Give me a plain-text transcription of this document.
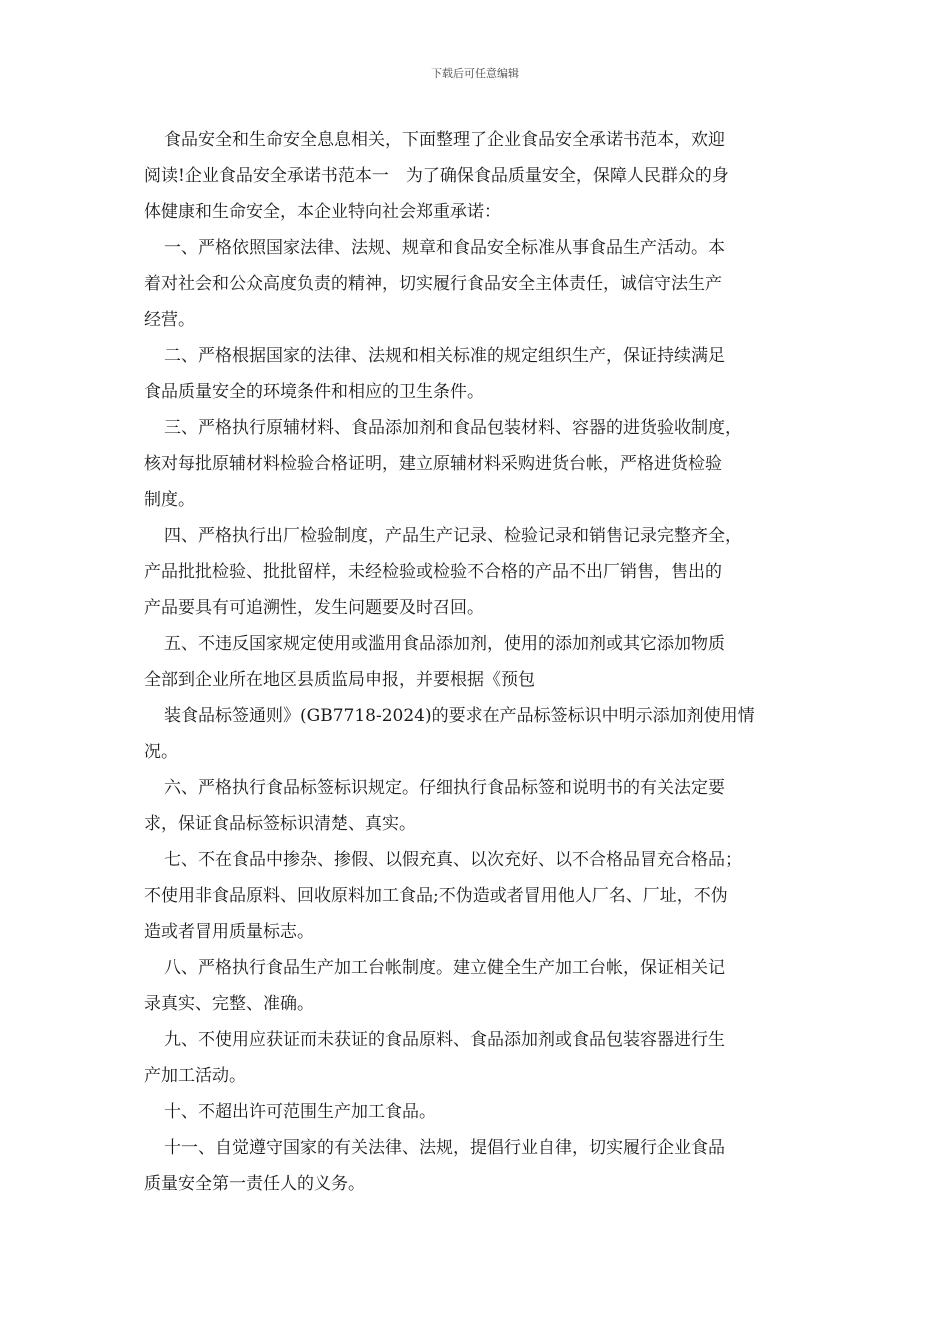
下载后可任意编辑
食品安全和生命安全息息相关，下面整理了企业食品安全承诺书范本，欢迎
阅读!企业食品安全承诺书范本一　为了确保食品质量安全，保障人民群众的身
体健康和生命安全，本企业特向社会郑重承诺：
一、严格依照国家法律、法规、规章和食品安全标准从事食品生产活动。本
着对社会和公众高度负责的精神，切实履行食品安全主体责任，诚信守法生产
经营。
二、严格根据国家的法律、法规和相关标准的规定组织生产，保证持续满足
食品质量安全的环境条件和相应的卫生条件。
三、严格执行原辅材料、食品添加剂和食品包装材料、容器的进货验收制度，
核对每批原辅材料检验合格证明，建立原辅材料采购进货台帐，严格进货检验
制度。
四、严格执行出厂检验制度，产品生产记录、检验记录和销售记录完整齐全，
产品批批检验、批批留样，未经检验或检验不合格的产品不出厂销售，售出的
产品要具有可追溯性，发生问题要及时召回。
五、不违反国家规定使用或滥用食品添加剂，使用的添加剂或其它添加物质
全部到企业所在地区县质监局申报，并要根据《预包
装食品标签通则》(GB7718-2024)的要求在产品标签标识中明示添加剂使用情
况。
六、严格执行食品标签标识规定。仔细执行食品标签和说明书的有关法定要
求，保证食品标签标识清楚、真实。
七、不在食品中掺杂、掺假、以假充真、以次充好、以不合格品冒充合格品；
不使用非食品原料、回收原料加工食品;不伪造或者冒用他人厂名、厂址，不伪
造或者冒用质量标志。
八、严格执行食品生产加工台帐制度。建立健全生产加工台帐，保证相关记
录真实、完整、准确。
九、不使用应获证而未获证的食品原料、食品添加剂或食品包装容器进行生
产加工活动。
十、不超出许可范围生产加工食品。
十一、自觉遵守国家的有关法律、法规，提倡行业自律，切实履行企业食品
质量安全第一责任人的义务。
